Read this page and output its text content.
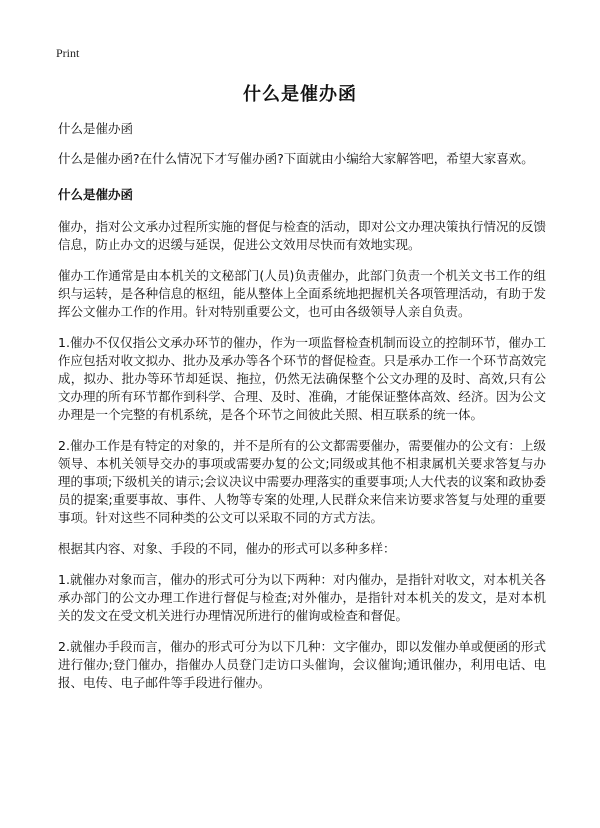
Print
什么是催办函

什么是催办函

什么是催办函?在什么情况下才写催办函?下面就由小编给大家解答吧，希望大家喜欢。

什么是催办函

催办，指对公文承办过程所实施的督促与检查的活动，即对公文办理决策执行情况的反馈信息，防止办文的迟缓与延误，促进公文效用尽快而有效地实现。

催办工作通常是由本机关的文秘部门(人员)负责催办，此部门负责一个机关文书工作的组织与运转，是各种信息的枢纽，能从整体上全面系统地把握机关各项管理活动，有助于发挥公文催办工作的作用。针对特别重要公文，也可由各级领导人亲自负责。

1.催办不仅仅指公文承办环节的催办，作为一项监督检查机制而设立的控制环节，催办工作应包括对收文拟办、批办及承办等各个环节的督促检查。只是承办工作一个环节高效完成，拟办、批办等环节却延误、拖拉，仍然无法确保整个公文办理的及时、高效,只有公文办理的所有环节都作到科学、合理、及时、准确，才能保证整体高效、经济。因为公文办理是一个完整的有机系统，是各个环节之间彼此关照、相互联系的统一体。

2.催办工作是有特定的对象的，并不是所有的公文都需要催办，需要催办的公文有：上级领导、本机关领导交办的事项或需要办复的公文;同级或其他不相隶属机关要求答复与办理的事项;下级机关的请示;会议决议中需要办理落实的重要事项;人大代表的议案和政协委员的提案;重要事故、事件、人物等专案的处理,人民群众来信来访要求答复与处理的重要事项。针对这些不同种类的公文可以采取不同的方式方法。

根据其内容、对象、手段的不同，催办的形式可以多种多样：

1.就催办对象而言，催办的形式可分为以下两种：对内催办，是指针对收文，对本机关各承办部门的公文办理工作进行督促与检查;对外催办，是指针对本机关的发文，是对本机关的发文在受文机关进行办理情况所进行的催询或检查和督促。

2.就催办手段而言，催办的形式可分为以下几种：文字催办，即以发催办单或便函的形式进行催办;登门催办，指催办人员登门走访口头催询，会议催询;通讯催办，利用电话、电报、电传、电子邮件等手段进行催办。
